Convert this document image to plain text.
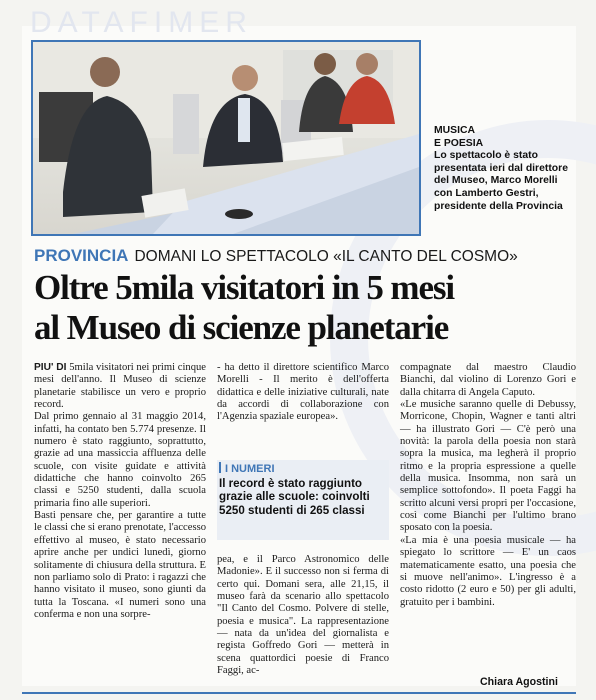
DATAFIMER

MUSICA

E POESIA

Lo spettacolo è stato presentata ieri dal direttore del Museo, Marco Morelli con Lamberto Gestri, presidente della Provincia

PROVINCIA DOMANI LO SPETTACOLO «IL CANTO DEL COSMO»
Oltre 5mila visitatori in 5 mesi
al Museo di scienze planetarie

PIU' DI 5mila visitatori nei primi cinque mesi dell'anno. Il Museo di scienze planetarie stabilisce un vero e proprio record.

Dal primo gennaio al 31 maggio 2014, infatti, ha contato ben 5.774 presenze. Il numero è stato raggiunto, soprattutto, grazie ad una massiccia affluenza delle scuole, con visite guidate e attività didattiche che hanno coinvolto 265 classi e 5250 studenti, dalla scuola primaria fino alle superiori.

Basti pensare che, per garantire a tutte le classi che si erano prenotate, l'accesso effettivo al museo, è stato necessario aprire anche per undici lunedì, giorno solitamente di chiusura della struttura. E non parliamo solo di Prato: i ragazzi che hanno visitato il museo, sono giunti da tutta la Toscana. «I numeri sono una conferma e non una sorpre-

- ha detto il direttore scientifico Marco Morelli - Il merito è dell'offerta didattica e delle iniziative culturali, nate da accordi di collaborazione con l'Agenzia spaziale europea».

I NUMERI
Il record è stato raggiunto grazie alle scuole: coinvolti 5250 studenti di 265 classi

pea, e il Parco Astronomico delle Madonie». E il successo non si ferma di certo qui. Domani sera, alle 21,15, il museo farà da scenario allo spettacolo "Il Canto del Cosmo. Polvere di stelle, poesia e musica". La rappresentazione — nata da un'idea del giornalista e regista Goffredo Gori — metterà in scena quattordici poesie di Franco Faggi, ac-

compagnate dal maestro Claudio Bianchi, dal violino di Lorenzo Gori e dalla chitarra di Angela Caputo.

«Le musiche saranno quelle di Debussy, Morricone, Chopin, Wagner e tanti altri — ha illustrato Gori — C'è però una novità: la parola della poesia non starà sopra la musica, ma legherà il proprio ritmo e la propria espressione a quelle della musica. Insomma, non sarà un semplice sottofondo». Il poeta Faggi ha scritto alcuni versi propri per l'occasione, così come Bianchi per l'ultimo brano sposato con la poesia.

«La mia è una poesia musicale — ha spiegato lo scrittore — E' un caos matematicamente esatto, una poesia che si muove nell'animo». L'ingresso è a costo ridotto (2 euro e 50) per gli adulti, gratuito per i bambini.

Chiara Agostini
